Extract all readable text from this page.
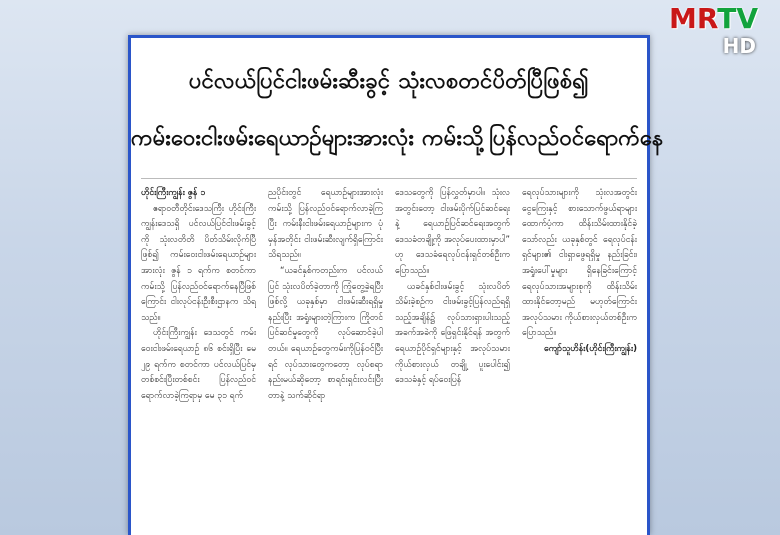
MRTV
HD
ပင်လယ်ပြင်ငါးဖမ်းဆီးခွင့် သုံးလစတင်ပိတ်ပြီဖြစ်၍
ကမ်းဝေးငါးဖမ်းရေယာဉ်များအားလုံး ကမ်းသို့ပြန်လည်ဝင်ရောက်နေ

ဟိုင်းကြီးကျွန်း ဇွန် ၁

ဧရာဝတီတိုင်းဒေသကြီး ဟိုင်းကြီးကျွန်းဒေသရှိ ပင်လယ်ပြင်ငါးဖမ်းခွင့်ကို သုံးလတိတိ ပိတ်သိမ်းလိုက်ပြီဖြစ်၍ ကမ်းဝေးငါးဖမ်းရေယာဉ်များအားလုံး ဇွန် ၁ ရက်က စတင်ကာ ကမ်းသို့ ပြန်လည်ဝင်ရောက်နေပြီဖြစ် ကြောင်း ငါးလုပ်ငန်းဦးစီးဌာနက သိရသည်။

ဟိုင်းကြီးကျွန်း ဒေသတွင် ကမ်းဝေးငါးဖမ်းရေယာဉ် ၈၆ စင်းရှိပြီး မေ ၂၉ ရက်က စတင်ကာ ပင်လယ်ပြင်မှ တစ်စင်းပြီးတစ်စင်း ပြန်လည်ဝင်ရောက်လာခဲ့ကြရာမှ မေ ၃၁ ရက်

ညပိုင်းတွင် ရေယာဉ်များအားလုံး ကမ်းသို့ ပြန်လည်ဝင်ရောက်လာခဲ့ကြပြီး ကမ်းနီးငါးဖမ်းရေယာဉ်များက ပုံမှန်အတိုင်း ငါးဖမ်းဆီးလျက်ရှိကြောင်း သိရသည်။

“ယခင်နှစ်ကတည်းက ပင်လယ်ပြင် သုံးလပိတ်ခဲ့တာကို ကြုံတွေ့ခဲ့ရပြီးဖြစ်လို့ ယခုနှစ်မှာ ငါးဖမ်းဆီးရရှိမှုနည်းပြီး အရှုံးများတဲ့ကြားက ကြိုတင်ပြင်ဆင်မှုတွေကို လုပ်ဆောင်ခဲ့ပါတယ်။ ရေယာဉ်တွေကမ်းကိုပြန်ဝင်ပြီးရင် လုပ်သားတွေကတော့ လုပ်စရာနည်းမယ်ဆိုတော့ စာရင်းရှင်းလင်းပြီးတာနဲ့ သက်ဆိုင်ရာ

ဒေသတွေကို ပြန်လွှတ်မှာပါ။ သုံးလအတွင်းတော့ ငါးဖမ်းပိုက်ပြင်ဆင်ရေးနဲ့ ရေယာဉ်ပြင်ဆင်ရေးအတွက် ဒေသခံတချို့ကို အလုပ်ပေးထားမှာပါ” ဟု ဒေသခံရေလုပ်ငန်းရှင်တစ်ဦးက ပြောသည်။

ယခင်နှစ်ငါးဖမ်းခွင့် သုံးလပိတ်သိမ်းခဲ့စဉ်က ငါးဖမ်းခွင့်ပြန်လည်ရရှိသည့်အချိန်၌ လုပ်သားရှားပါးသည့် အခက်အခဲကို ဖြေရှင်းနိုင်ရန် အတွက် ရေယာဉ်ပိုင်ရှင်များနှင့် အလုပ်သမားကိုယ်စားလှယ် တချို့ ပူးပေါင်း၍ ဒေသခံနှင့် ရပ်ဝေးပြန်

ရေလုပ်သားများကို သုံးလအတွင်း ငွေကြေးနှင့် စားသောက်ဖွယ်ရာများ ထောက်ပံ့ကာ ထိန်းသိမ်းထားနိုင်ခဲ့သော်လည်း ယခုနှစ်တွင် ရေလုပ်ငန်းရှင်များ၏ ငါးရှာဖွေရရှိမှု နည်းခြင်း၊ အရှုံးပေါ်မှုများ ရှိနေခြင်းကြောင့် ရေလုပ်သားအများစုကို ထိန်းသိမ်းထားနိုင်တော့မည် မဟုတ်ကြောင်း အလုပ်သမား ကိုယ်စားလှယ်တစ်ဦးက ပြောသည်။

ကျော်သူဟိန်း(ဟိုင်းကြီးကျွန်း)
